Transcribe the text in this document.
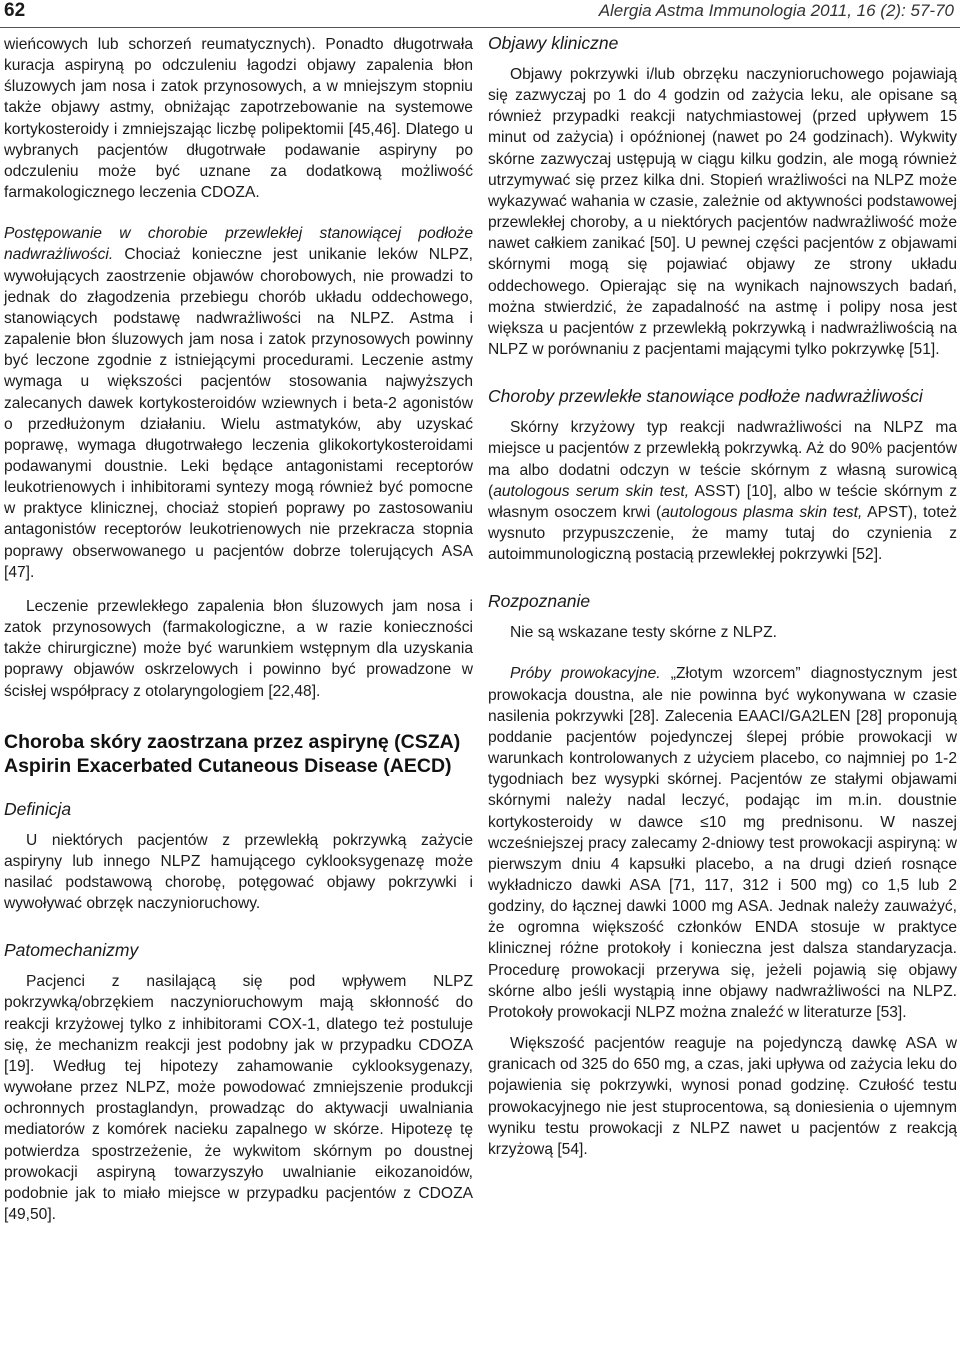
62	Alergia Astma Immunologia 2011, 16 (2): 57-70

wieńcowych lub schorzeń reumatycznych). Ponadto długotrwała kuracja aspiryną po odczuleniu łagodzi objawy zapalenia błon śluzowych jam nosa i zatok przynosowych, a w mniejszym stopniu także objawy astmy, obniżając zapotrzebowanie na systemowe kortykosteroidy i zmniejszając liczbę polipektomii [45,46]. Dlatego u wybranych pacjentów długotrwałe podawanie aspiryny po odczuleniu może być uznane za dodatkową możliwość farmakologicznego leczenia CDOZA.

Postępowanie w chorobie przewlekłej stanowiącej podłoże nadwrażliwości. Chociaż konieczne jest unikanie leków NLPZ, wywołujących zaostrzenie objawów chorobowych, nie prowadzi to jednak do złagodzenia przebiegu chorób układu oddechowego, stanowiących podstawę nadwrażliwości na NLPZ. Astma i zapalenie błon śluzowych jam nosa i zatok przynosowych powinny być leczone zgodnie z istniejącymi procedurami. Leczenie astmy wymaga u większości pacjentów stosowania najwyższych zalecanych dawek kortykosteroidów wziewnych i beta-2 agonistów o przedłużonym działaniu. Wielu astmatyków, aby uzyskać poprawę, wymaga długotrwałego leczenia glikokortykosteroidami podawanymi doustnie. Leki będące antagonistami receptorów leukotrienowych i inhibitorami syntezy mogą również być pomocne w praktyce klinicznej, chociaż stopień poprawy po zastosowaniu antagonistów receptorów leukotrienowych nie przekracza stopnia poprawy obserwowanego u pacjentów dobrze tolerujących ASA [47].

Leczenie przewlekłego zapalenia błon śluzowych jam nosa i zatok przynosowych (farmakologiczne, a w razie konieczności także chirurgiczne) może być warunkiem wstępnym dla uzyskania poprawy objawów oskrzelowych i powinno być prowadzone w ścisłej współpracy z otolaryngologiem [22,48].

Choroba skóry zaostrzana przez aspirynę (CSZA)
Aspirin Exacerbated Cutaneous Disease (AECD)
Definicja

U niektórych pacjentów z przewlekłą pokrzywką zażycie aspiryny lub innego NLPZ hamującego cyklooksygenazę może nasilać podstawową chorobę, potęgować objawy pokrzywki i wywoływać obrzęk naczynioruchowy.

Patomechanizmy

Pacjenci z nasilającą się pod wpływem NLPZ pokrzywką/obrzękiem naczynioruchowym mają skłonność do reakcji krzyżowej tylko z inhibitorami COX-1, dlatego też postuluje się, że mechanizm reakcji jest podobny jak w przypadku CDOZA [19]. Według tej hipotezy zahamowanie cyklooksygenazy, wywołane przez NLPZ, może powodować zmniejszenie produkcji ochronnych prostaglandyn, prowadząc do aktywacji uwalniania mediatorów z komórek nacieku zapalnego w skórze. Hipotezę tę potwierdza spostrzeżenie, że wykwitom skórnym po doustnej prowokacji aspiryną towarzyszyło uwalnianie eikozanoidów, podobnie jak to miało miejsce w przypadku pacjentów z CDOZA [49,50].

Objawy kliniczne

Objawy pokrzywki i/lub obrzęku naczynioruchowego pojawiają się zazwyczaj po 1 do 4 godzin od zażycia leku, ale opisane są również przypadki reakcji natychmiastowej (przed upływem 15 minut od zażycia) i opóźnionej (nawet po 24 godzinach). Wykwity skórne zazwyczaj ustępują w ciągu kilku godzin, ale mogą również utrzymywać się przez kilka dni. Stopień wrażliwości na NLPZ może wykazywać wahania w czasie, zależnie od aktywności podstawowej przewlekłej choroby, a u niektórych pacjentów nadwrażliwość może nawet całkiem zanikać [50]. U pewnej części pacjentów z objawami skórnymi mogą się pojawiać objawy ze strony układu oddechowego. Opierając się na wynikach najnowszych badań, można stwierdzić, że zapadalność na astmę i polipy nosa jest większa u pacjentów z przewlekłą pokrzywką i nadwrażliwością na NLPZ w porównaniu z pacjentami mającymi tylko pokrzywkę [51].

Choroby przewlekłe stanowiące podłoże nadwrażliwości

Skórny krzyżowy typ reakcji nadwrażliwości na NLPZ ma miejsce u pacjentów z przewlekłą pokrzywką. Aż do 90% pacjentów ma albo dodatni odczyn w teście skórnym z własną surowicą (autologous serum skin test, ASST) [10], albo w teście skórnym z własnym osoczem krwi (autologous plasma skin test, APST), toteż wysnuto przypuszczenie, że mamy tutaj do czynienia z autoimmunologiczną postacią przewlekłej pokrzywki [52].

Rozpoznanie

Nie są wskazane testy skórne z NLPZ.

Próby prowokacyjne. „Złotym wzorcem” diagnostycznym jest prowokacja doustna, ale nie powinna być wykonywana w czasie nasilenia pokrzywki [28]. Zalecenia EAACI/GA2LEN [28] proponują poddanie pacjentów pojedynczej ślepej próbie prowokacji w warunkach kontrolowanych z użyciem placebo, co najmniej po 1-2 tygodniach bez wysypki skórnej. Pacjentów ze stałymi objawami skórnymi należy nadal leczyć, podając im m.in. doustnie kortykosteroidy w dawce ≤10 mg prednisonu. W naszej wcześniejszej pracy zalecamy 2-dniowy test prowokacji aspiryną: w pierwszym dniu 4 kapsułki placebo, a na drugi dzień rosnące wykładniczo dawki ASA [71, 117, 312 i 500 mg) co 1,5 lub 2 godziny, do łącznej dawki 1000 mg ASA. Jednak należy zauważyć, że ogromna większość członków ENDA stosuje w praktyce klinicznej różne protokoły i konieczna jest dalsza standaryzacja. Procedurę prowokacji przerywa się, jeżeli pojawią się objawy skórne albo jeśli wystąpią inne objawy nadwrażliwości na NLPZ. Protokoły prowokacji NLPZ można znaleźć w literaturze [53].

Większość pacjentów reaguje na pojedynczą dawkę ASA w granicach od 325 do 650 mg, a czas, jaki upływa od zażycia leku do pojawienia się pokrzywki, wynosi ponad godzinę. Czułość testu prowokacyjnego nie jest stuprocentowa, są doniesienia o ujemnym wyniku testu prowokacji z NLPZ nawet u pacjentów z reakcją krzyżową [54].
